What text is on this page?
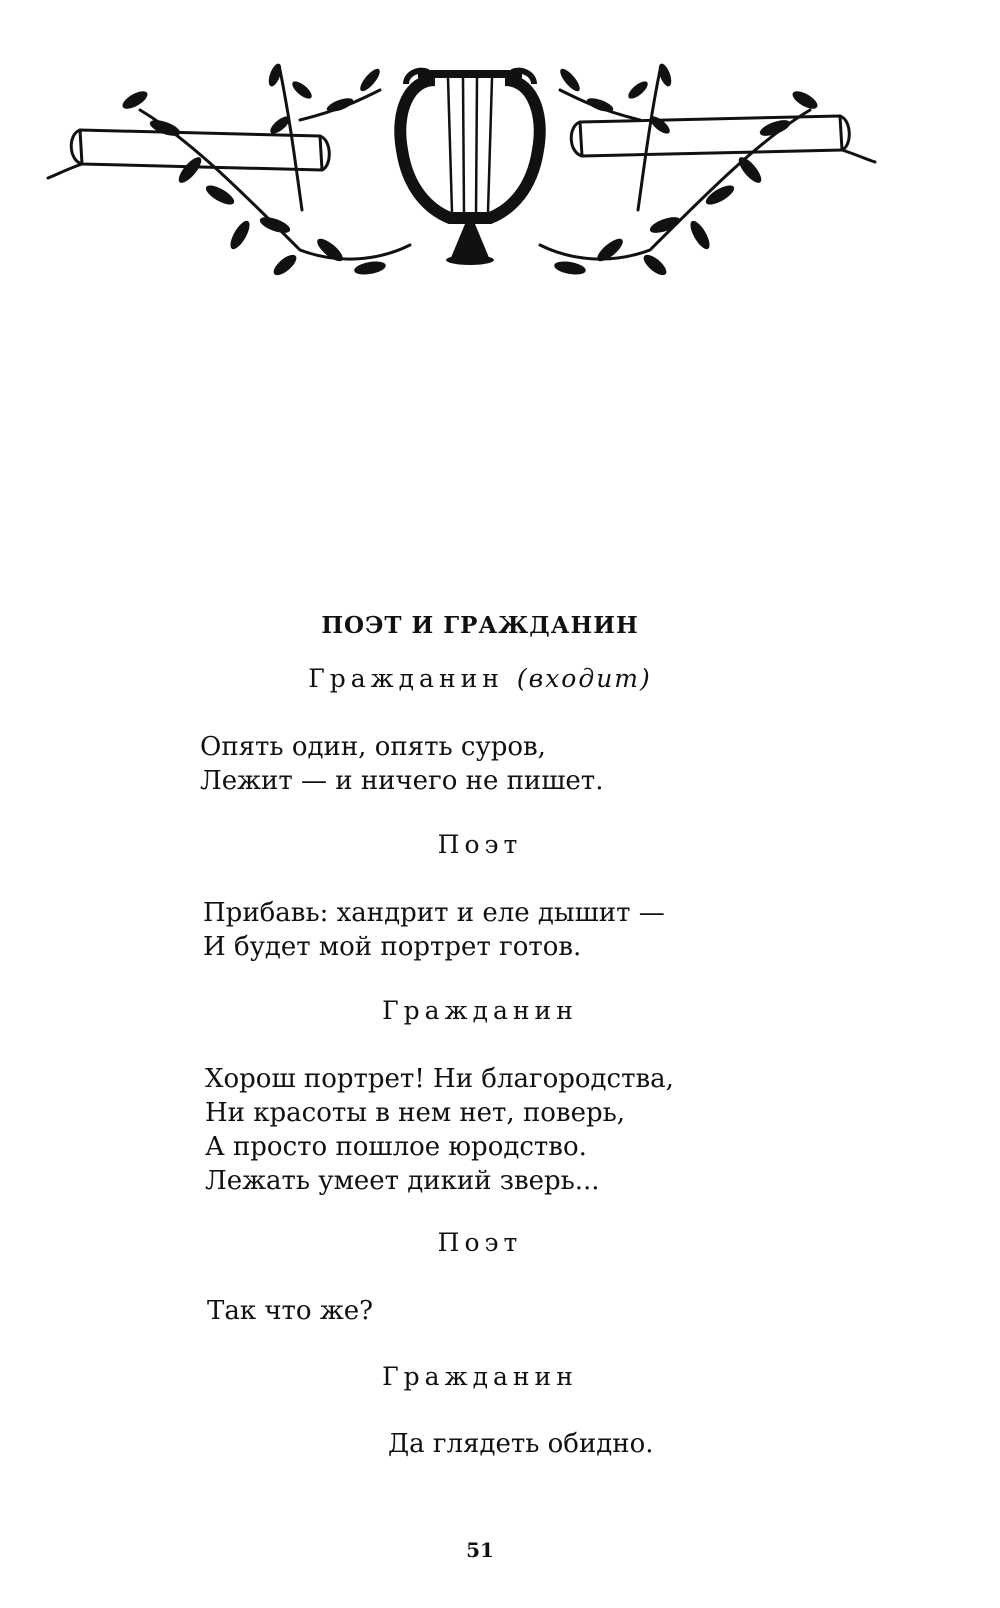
ПОЭТ И ГРАЖДАНИН
Гражданин (входит)
Опять один, опять суров,
Лежит — и ничего не пишет.
Поэт
Прибавь: хандрит и еле дышит —
И будет мой портрет готов.
Гражданин
Хорош портрет! Ни благородства,
Ни красоты в нем нет, поверь,
А просто пошлое юродство.
Лежать умеет дикий зверь...
Поэт
Так что же?
Гражданин
Да глядеть обидно.
51
